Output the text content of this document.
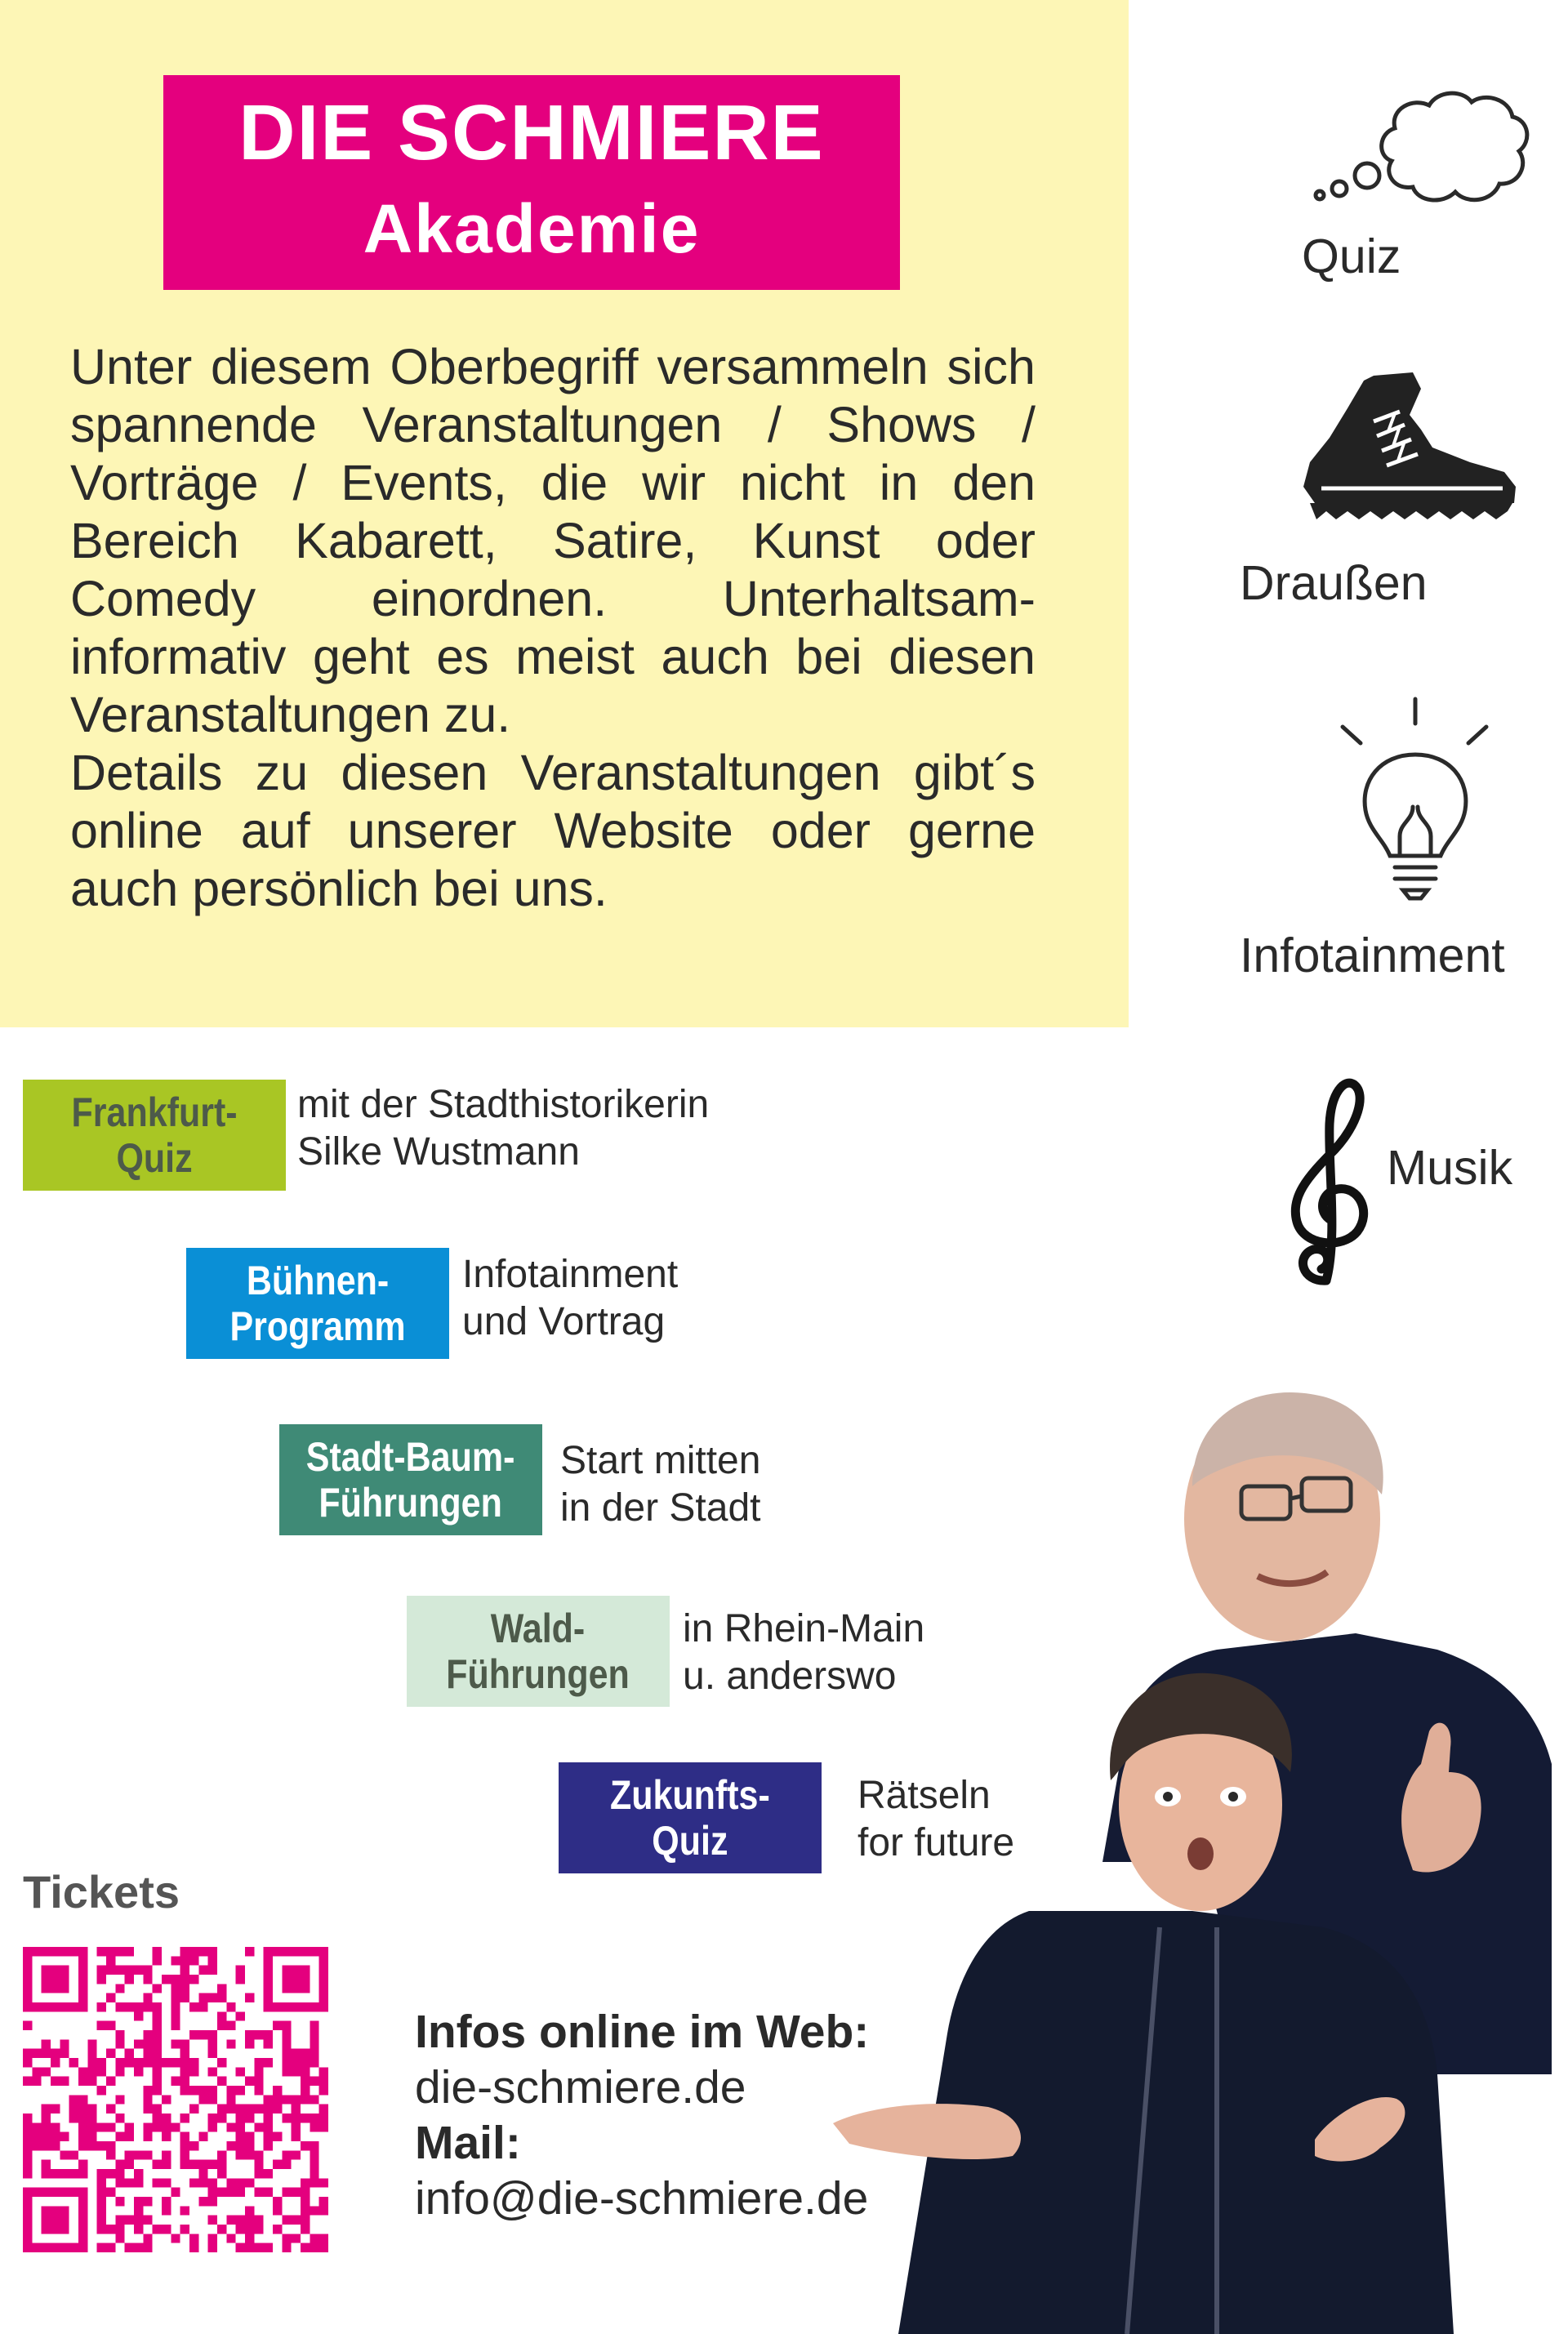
DIE SCHMIERE
Akademie

Unter diesem Oberbegriff versammeln sich spannende Veranstaltungen / Shows / Vorträge / Events, die wir nicht in den Bereich Kabarett, Satire, Kunst oder Comedy einordnen. Unterhaltsam-informativ geht es meist auch bei diesen Veranstaltungen zu.

Details zu diesen Veranstaltungen gibt´s online auf unserer Website oder gerne auch persönlich bei uns.

Quiz
Draußen
Infotainment
Musik
Frankfurt-
Quiz
mit der Stadthistorikerin
Silke Wustmann
Bühnen-
Programm
Infotainment
und Vortrag
Stadt-Baum-
Führungen
Start mitten
in der Stadt
Wald-
Führungen
in Rhein-Main
u. anderswo
Zukunfts-
Quiz
Rätseln
for future
Tickets
Infos online im Web:
die-schmiere.de
Mail:
info@die-schmiere.de
